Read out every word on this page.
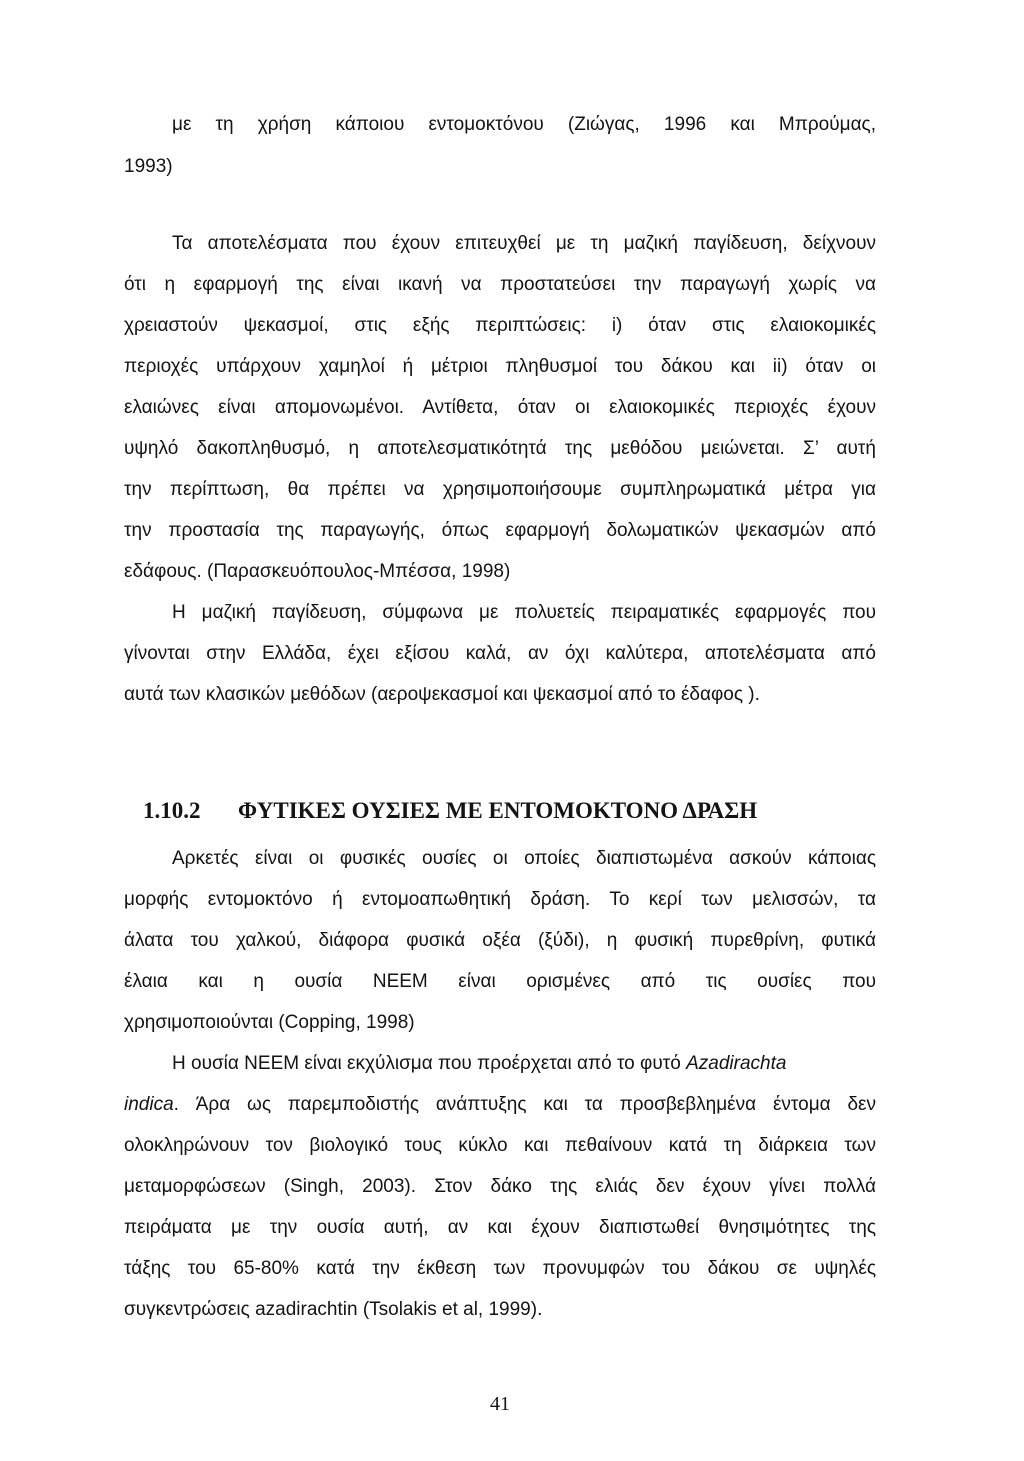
με τη χρήση κάποιου εντομοκτόνου (Ζιώγας, 1996 και Μπρούμας,
1993)
Τα αποτελέσματα που έχουν επιτευχθεί με τη μαζική παγίδευση, δείχνουν
ότι η εφαρμογή της είναι ικανή να προστατεύσει την παραγωγή χωρίς να
χρειαστούν ψεκασμοί, στις εξής περιπτώσεις: i) όταν στις ελαιοκομικές
περιοχές υπάρχουν χαμηλοί ή μέτριοι πληθυσμοί του δάκου και ii) όταν οι
ελαιώνες είναι απομονωμένοι. Αντίθετα, όταν οι ελαιοκομικές περιοχές έχουν
υψηλό δακοπληθυσμό, η αποτελεσματικότητά της μεθόδου μειώνεται. Σ’ αυτή
την περίπτωση, θα πρέπει να χρησιμοποιήσουμε συμπληρωματικά μέτρα για
την προστασία της παραγωγής, όπως εφαρμογή δολωματικών ψεκασμών από
εδάφους. (Παρασκευόπουλος-Μπέσσα, 1998)
Η μαζική παγίδευση, σύμφωνα με πολυετείς πειραματικές εφαρμογές που
γίνονται στην Ελλάδα, έχει εξίσου καλά, αν όχι καλύτερα, αποτελέσματα από
αυτά των κλασικών μεθόδων (αεροψεκασμοί και ψεκασμοί από το έδαφος ).
1.10.2 ΦΥΤΙΚΕΣ ΟΥΣΙΕΣ ΜΕ ΕΝΤΟΜΟΚΤΟΝΟ ΔΡΑΣΗ
Αρκετές είναι οι φυσικές ουσίες οι οποίες διαπιστωμένα ασκούν κάποιας
μορφής εντομοκτόνο ή εντομοαπωθητική δράση. Το κερί των μελισσών, τα
άλατα του χαλκού, διάφορα φυσικά οξέα (ξύδι), η φυσική πυρεθρίνη, φυτικά
έλαια και η ουσία ΝΕΕΜ είναι ορισμένες από τις ουσίες που
χρησιμοποιούνται (Copping, 1998)
Η ουσία ΝΕΕΜ είναι εκχύλισμα που προέρχεται από το φυτό Azadirachta
indica. Άρα ως παρεμποδιστής ανάπτυξης και τα προσβεβλημένα έντομα δεν
ολοκληρώνουν τον βιολογικό τους κύκλο και πεθαίνουν κατά τη διάρκεια των
μεταμορφώσεων (Singh, 2003). Στον δάκο της ελιάς δεν έχουν γίνει πολλά
πειράματα με την ουσία αυτή, αν και έχουν διαπιστωθεί θνησιμότητες της
τάξης του 65-80% κατά την έκθεση των προνυμφών του δάκου σε υψηλές
συγκεντρώσεις azadirachtin (Tsolakis et al, 1999).
41
